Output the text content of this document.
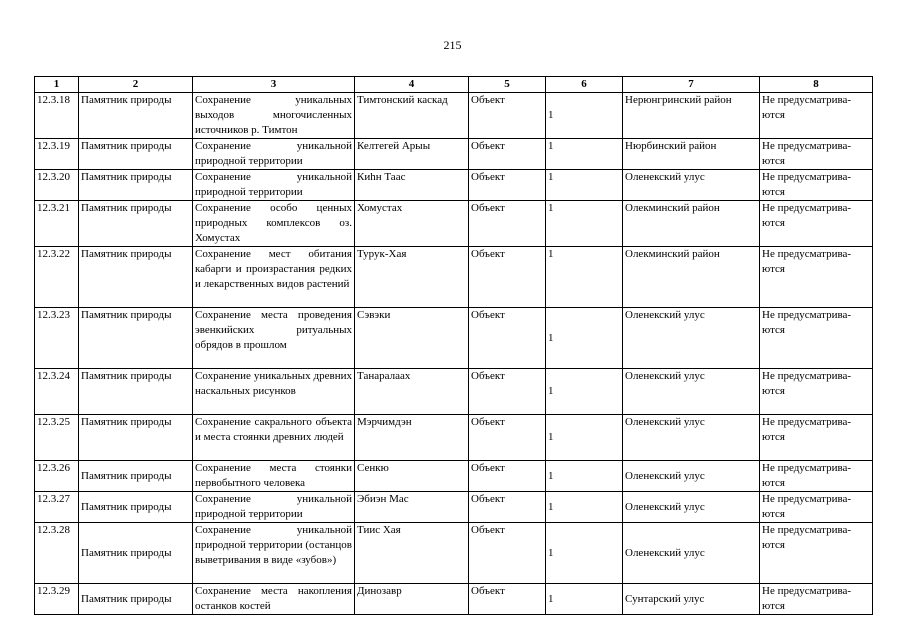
215
1	2	3	4	5	6	7	8
12.3.18	Памятник природы	Сохранение уникальных выходов многочисленных источников р. Тимтон	Тимтонский каскад	Объект	1	Нерюнгринский район	Не предусматрива-ются
12.3.19	Памятник природы	Сохранение уникальной природной территории	Келтегей Арыы	Объект	1	Нюрбинский район	Не предусматрива-ются
12.3.20	Памятник природы	Сохранение уникальной природной территории	Киhн Таас	Объект	1	Оленекский улус	Не предусматрива-ются
12.3.21	Памятник природы	Сохранение особо ценных природных комплексов оз. Хомустах	Хомустах	Объект	1	Олекминский район	Не предусматрива-ются
12.3.22	Памятник природы	Сохранение мест обитания кабарги и произрастания редких и лекарственных видов растений	Турук-Хая	Объект	1	Олекминский район	Не предусматрива-ются
12.3.23	Памятник природы	Сохранение места проведения эвенкийских ритуальных обрядов в прошлом	Сэвэки	Объект	1	Оленекский улус	Не предусматрива-ются
12.3.24	Памятник природы	Сохранение уникальных древних наскальных рисунков	Танаралаах	Объект	1	Оленекский улус	Не предусматрива-ются
12.3.25	Памятник природы	Сохранение сакрального объекта и места стоянки древних людей	Мэрчимдэн	Объект	1	Оленекский улус	Не предусматрива-ются
12.3.26	Памятник природы	Сохранение места стоянки первобытного человека	Сенкю	Объект	1	Оленекский улус	Не предусматрива-ются
12.3.27	Памятник природы	Сохранение уникальной природной территории	Эбиэн Мас	Объект	1	Оленекский улус	Не предусматрива-ются
12.3.28	Памятник природы	Сохранение уникальной природной территории (останцов выветривания в виде «зубов»)	Тиис Хая	Объект	1	Оленекский улус	Не предусматрива-ются
12.3.29	Памятник природы	Сохранение места накопления останков костей	Динозавр	Объект	1	Сунтарский улус	Не предусматрива-ются
